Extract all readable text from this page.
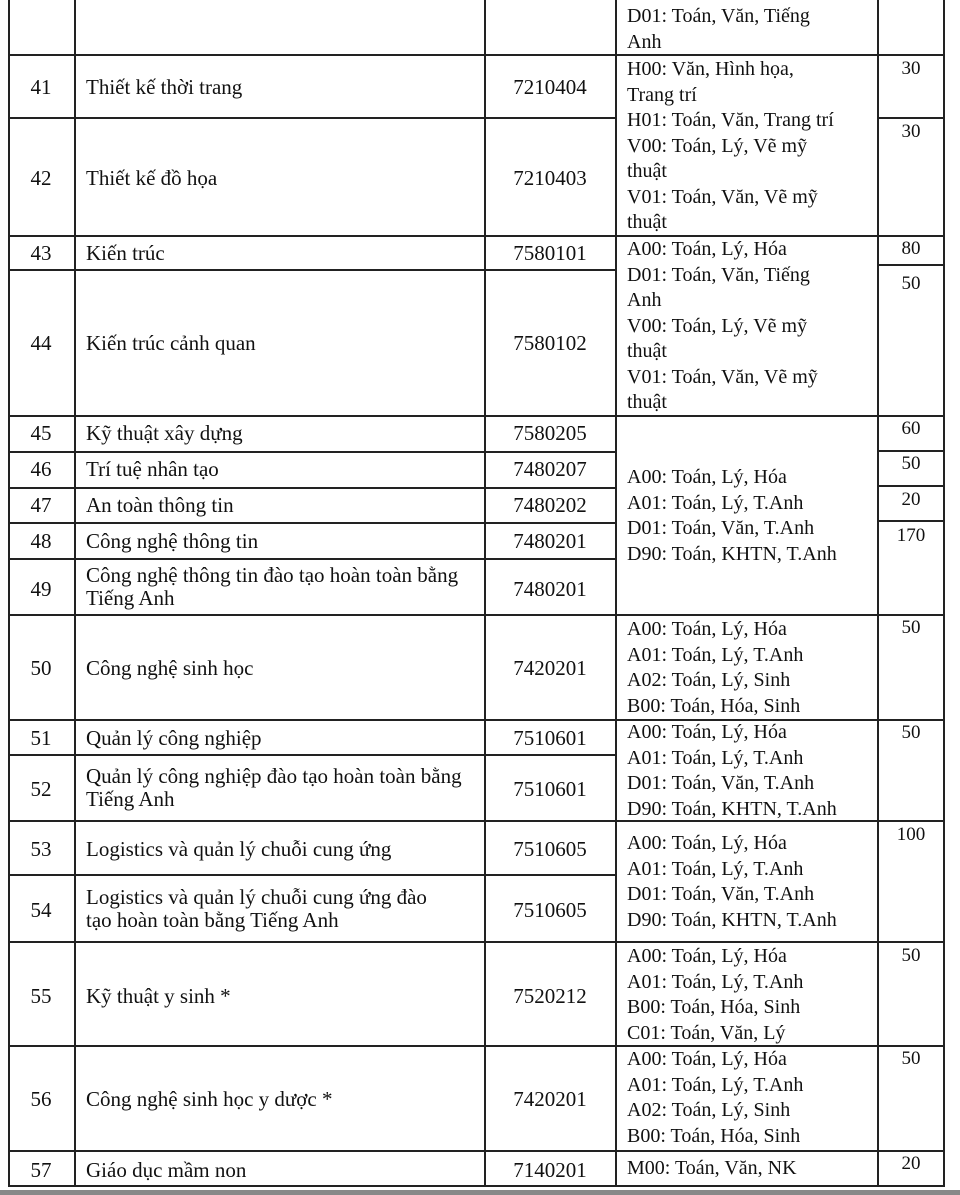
41
42
43
44
45
46
47
48
49
50
51
52
53
54
55
56
57
Thiết kế thời trang
Thiết kế đồ họa
Kiến trúc
Kiến trúc cảnh quan
Kỹ thuật xây dựng
Trí tuệ nhân tạo
An toàn thông tin
Công nghệ thông tin
Công nghệ thông tin đào tạo hoàn toàn bằng Tiếng Anh
Công nghệ sinh học
Quản lý công nghiệp
Quản lý công nghiệp đào tạo hoàn toàn bằng Tiếng Anh
Logistics và quản lý chuỗi cung ứng
Logistics và quản lý chuỗi cung ứng đào tạo hoàn toàn bằng Tiếng Anh
Kỹ thuật y sinh *
Công nghệ sinh học y dược *
Giáo dục mầm non
7210404
7210403
7580101
7580102
7580205
7480207
7480202
7480201
7480201
7420201
7510601
7510601
7510605
7510605
7520212
7420201
7140201
D01: Toán, Văn, Tiếng
Anh
H00: Văn, Hình họa,
Trang trí
H01: Toán, Văn, Trang trí
V00: Toán, Lý, Vẽ mỹ
thuật
V01: Toán, Văn, Vẽ mỹ
thuật
A00: Toán, Lý, Hóa
D01: Toán, Văn, Tiếng
Anh
V00: Toán, Lý, Vẽ mỹ
thuật
V01: Toán, Văn, Vẽ mỹ
thuật
A00: Toán, Lý, Hóa
A01: Toán, Lý, T.Anh
D01: Toán, Văn, T.Anh
D90: Toán, KHTN, T.Anh
A00: Toán, Lý, Hóa
A01: Toán, Lý, T.Anh
A02: Toán, Lý, Sinh
B00: Toán, Hóa, Sinh
A00: Toán, Lý, Hóa
A01: Toán, Lý, T.Anh
D01: Toán, Văn, T.Anh
D90: Toán, KHTN, T.Anh
A00: Toán, Lý, Hóa
A01: Toán, Lý, T.Anh
D01: Toán, Văn, T.Anh
D90: Toán, KHTN, T.Anh
A00: Toán, Lý, Hóa
A01: Toán, Lý, T.Anh
B00: Toán, Hóa, Sinh
C01: Toán, Văn, Lý
A00: Toán, Lý, Hóa
A01: Toán, Lý, T.Anh
A02: Toán, Lý, Sinh
B00: Toán, Hóa, Sinh
M00: Toán, Văn, NK
30
30
80
50
60
50
20
170
50
50
100
50
50
20
